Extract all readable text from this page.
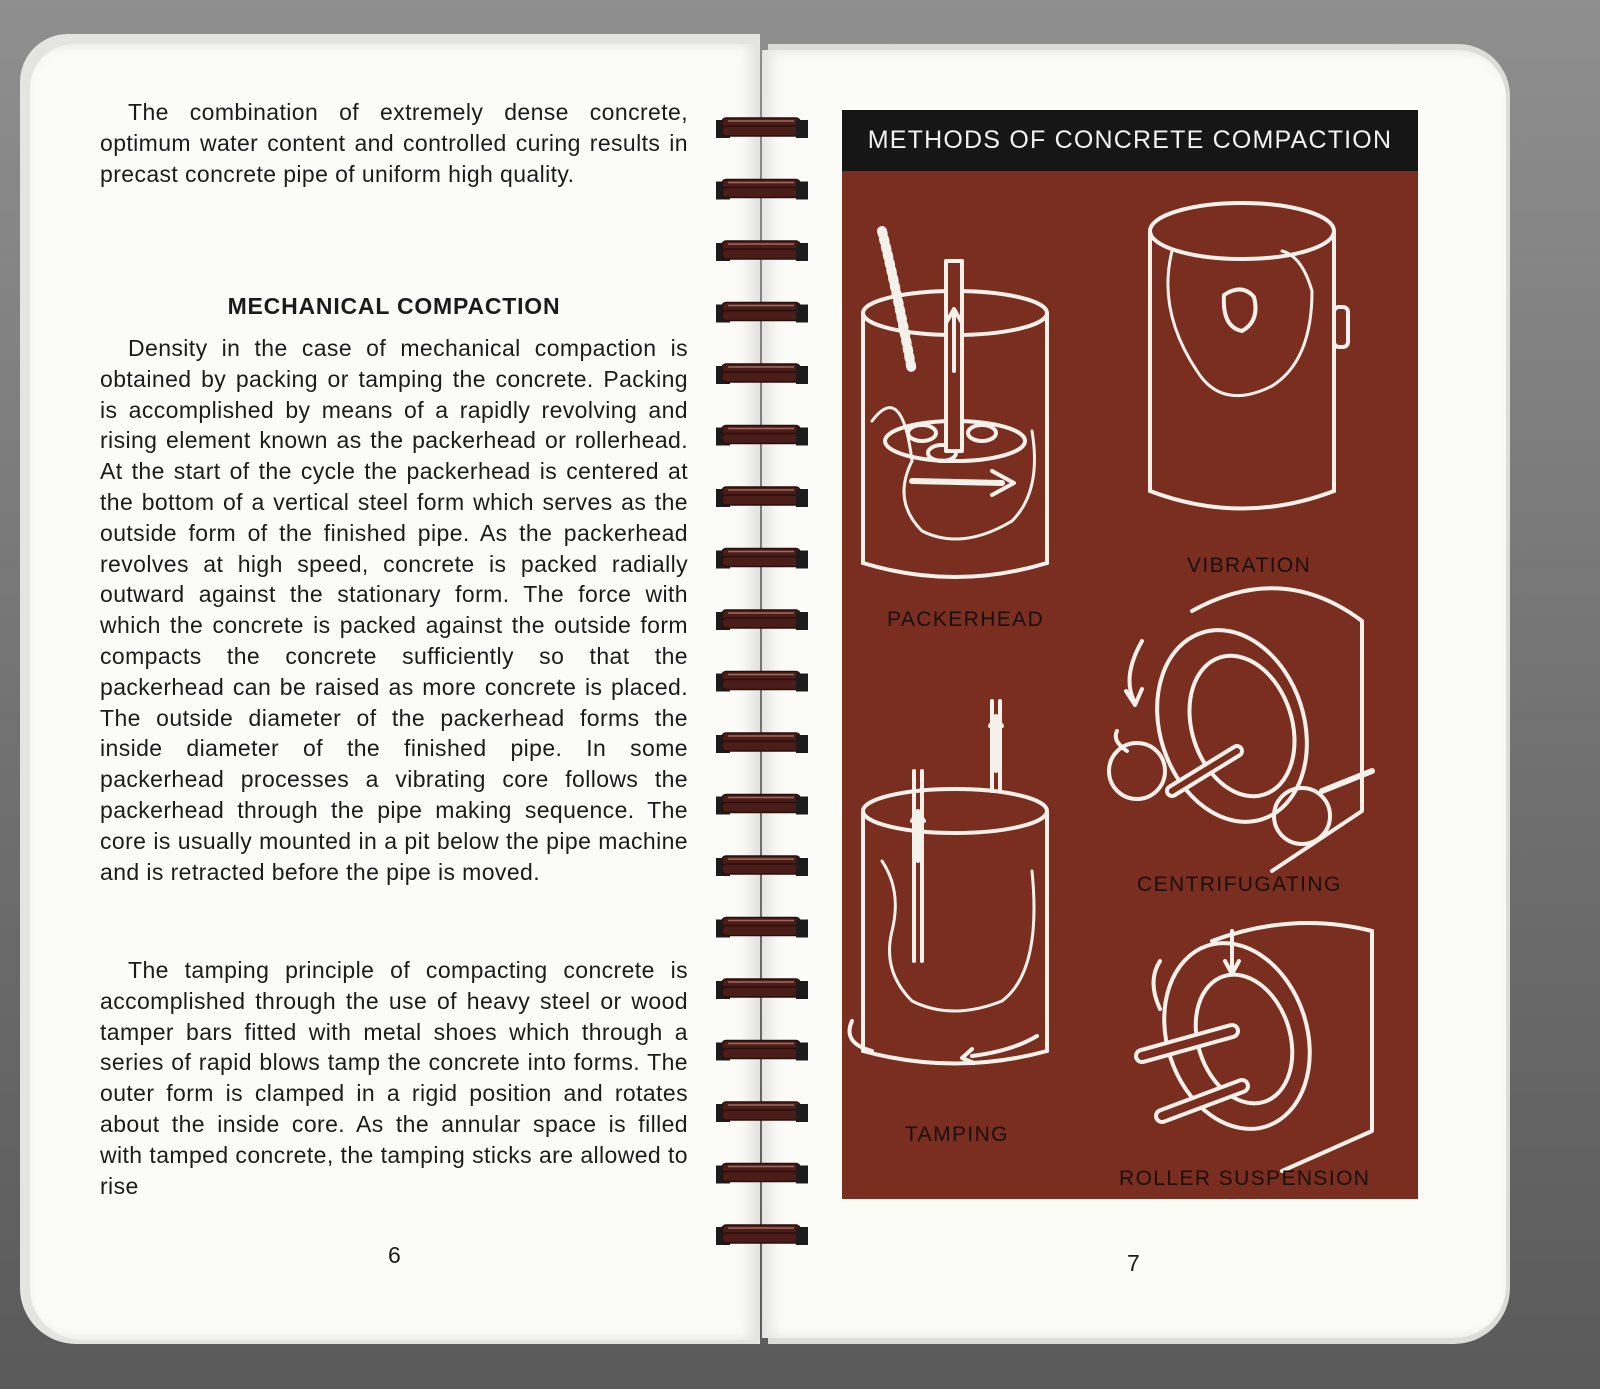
The combination of extremely dense concrete, optimum water content and controlled curing results in precast concrete pipe of uniform high quality.
MECHANICAL COMPACTION
Density in the case of mechanical compaction is obtained by packing or tamping the concrete. Packing is accomplished by means of a rapidly revolving and rising element known as the packerhead or rollerhead. At the start of the cycle the packerhead is centered at the bottom of a vertical steel form which serves as the outside form of the finished pipe. As the packerhead revolves at high speed, concrete is packed radially outward against the stationary form. The force with which the concrete is packed against the outside form compacts the concrete sufficiently so that the packerhead can be raised as more concrete is placed. The outside diameter of the packerhead forms the inside diameter of the finished pipe. In some packerhead processes a vibrating core follows the packerhead through the pipe making sequence. The core is usually mounted in a pit below the pipe machine and is retracted before the pipe is moved.
The tamping principle of compacting concrete is accomplished through the use of heavy steel or wood tamper bars fitted with metal shoes which through a series of rapid blows tamp the concrete into forms. The outer form is clamped in a rigid position and rotates about the inside core. As the annular space is filled with tamped concrete, the tamping sticks are allowed to rise
6
METHODS OF CONCRETE COMPACTION
PACKERHEAD
VIBRATION
CENTRIFUGATING
TAMPING
ROLLER SUSPENSION
7
